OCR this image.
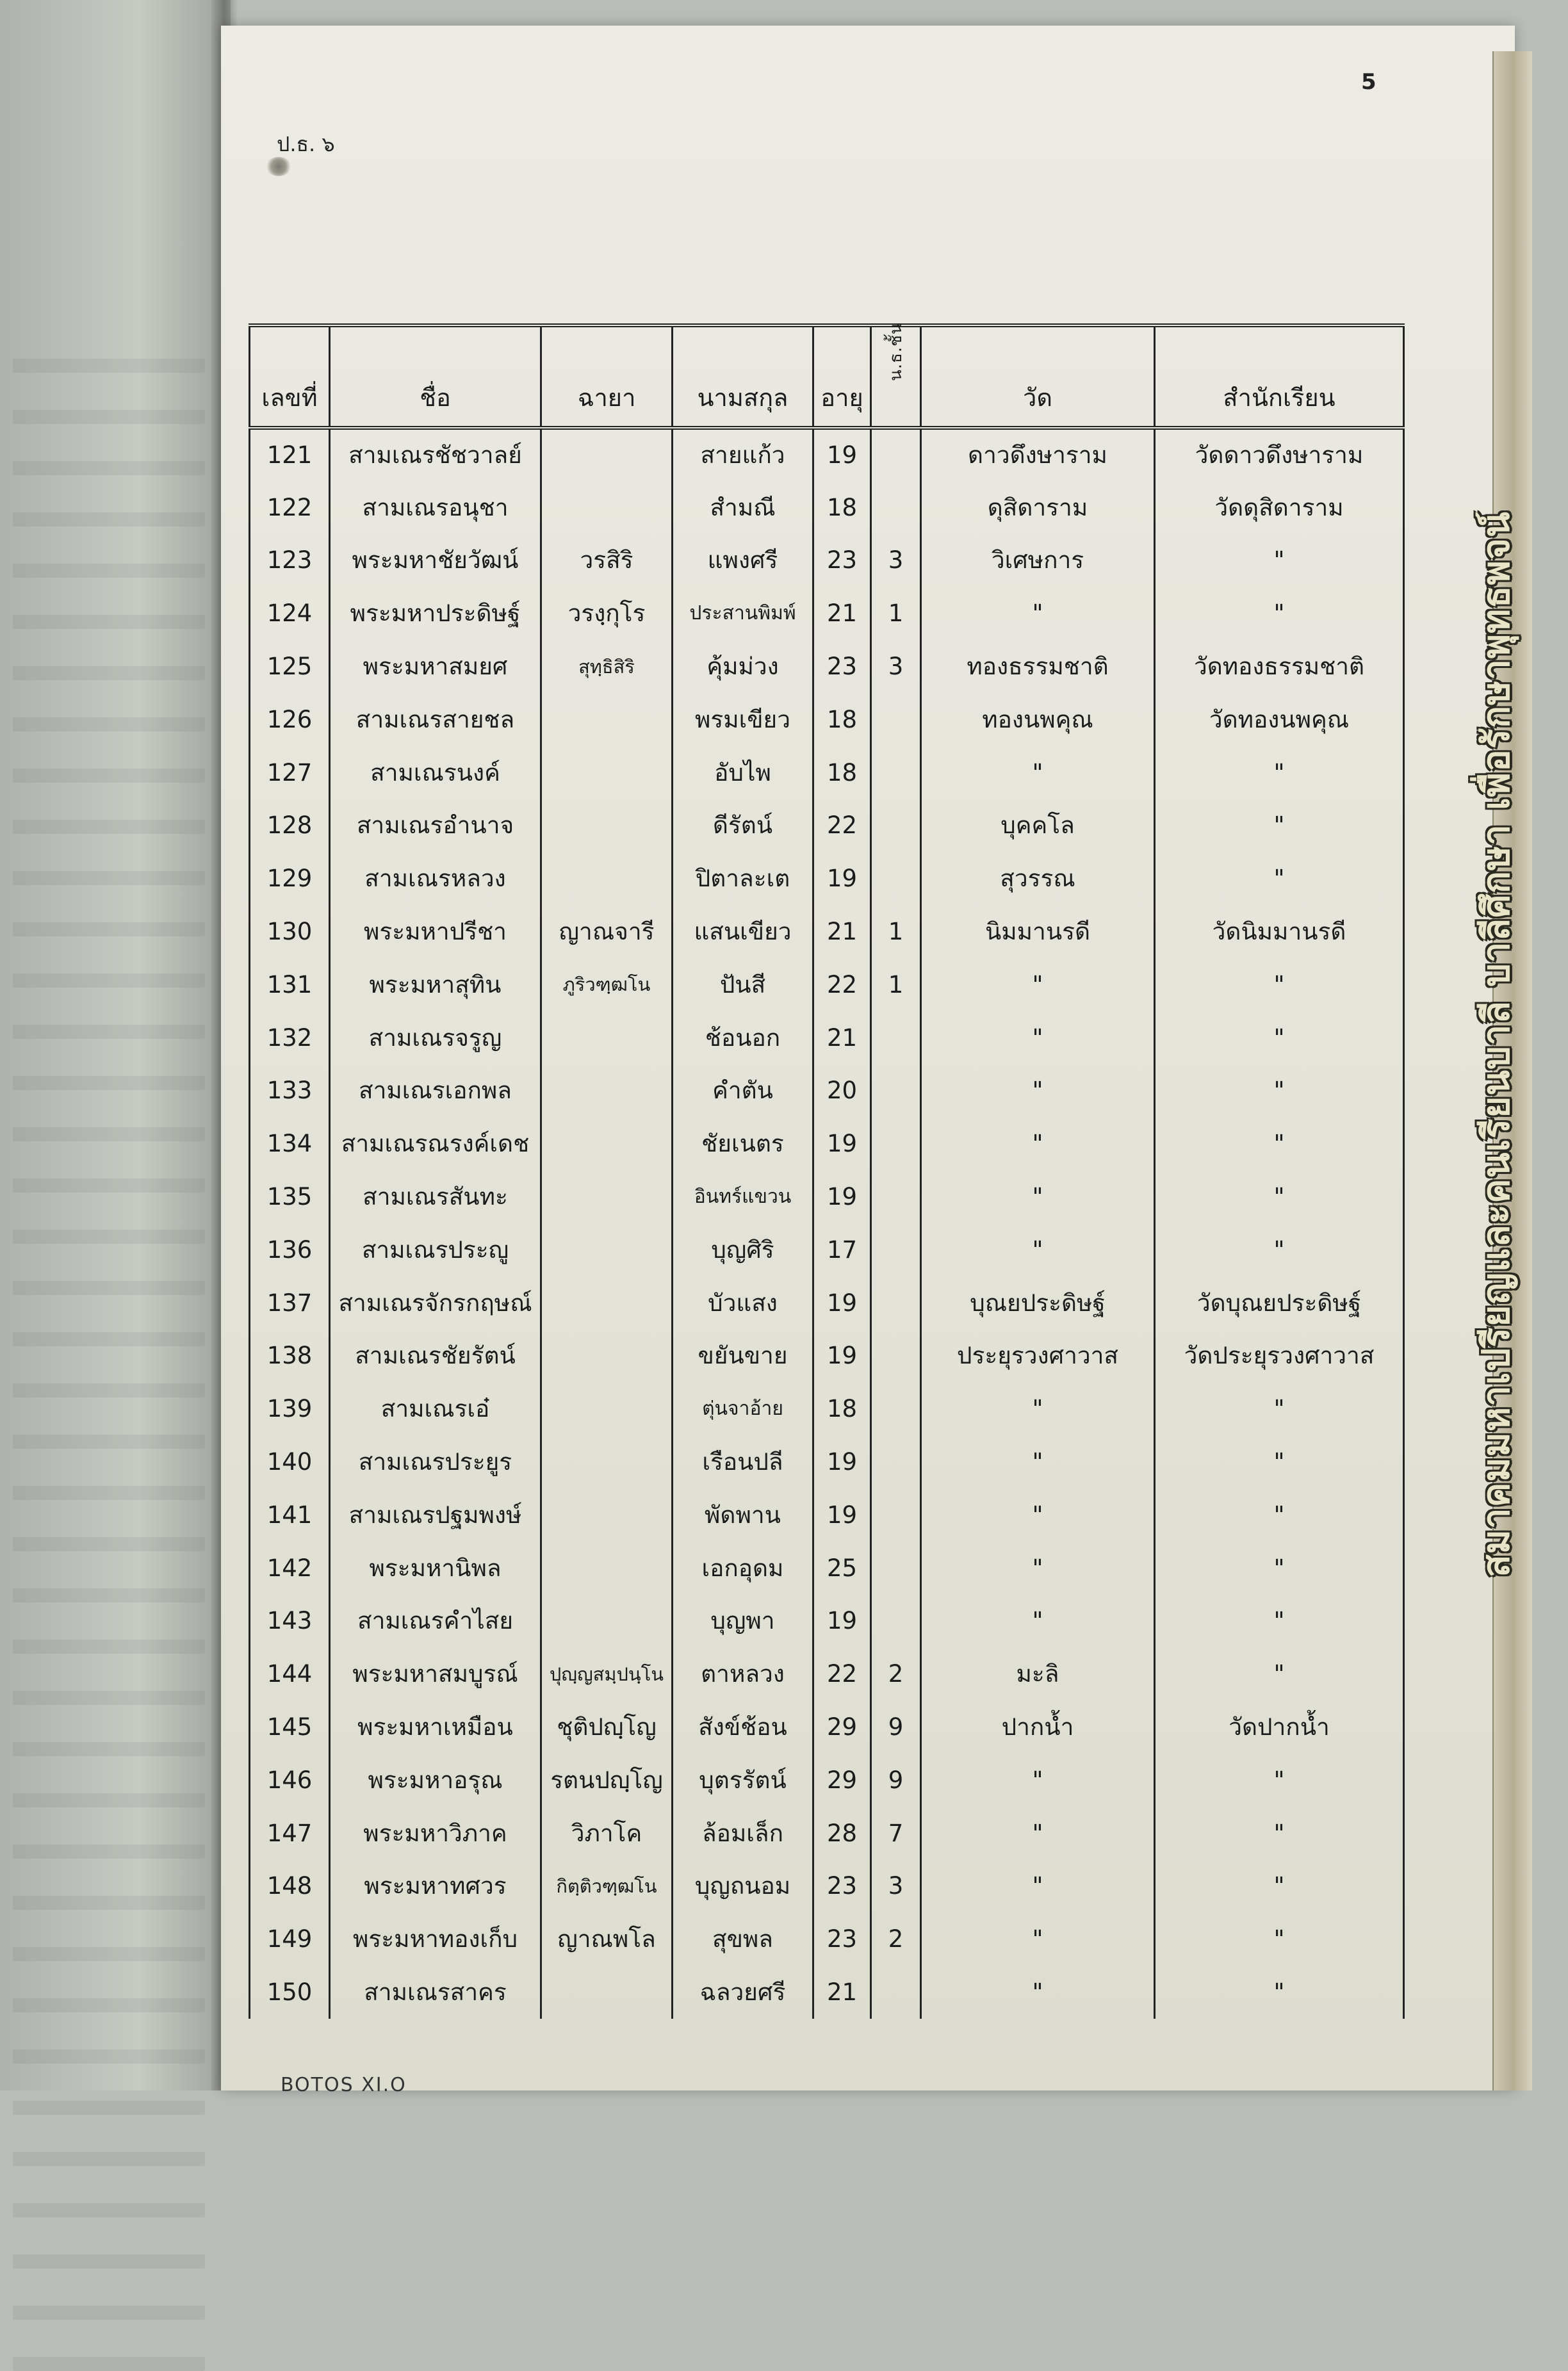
5
ป.ธ. ๖
เลขที่	ชื่อ	ฉายา	นามสกุล	อายุ	น.ธ.ชั้น	วัด	สำนักเรียน
121	สามเณรชัชวาลย์		สายแก้ว	19		ดาวดึงษาราม	วัดดาวดึงษาราม
122	สามเณรอนุชา		สำมณี	18		ดุสิดาราม	วัดดุสิดาราม
123	พระมหาชัยวัฒน์	วรสิริ	แพงศรี	23	3	วิเศษการ	"
124	พระมหาประดิษฐ์	วรงฺกุโร	ประสานพิมพ์	21	1	"	"
125	พระมหาสมยศ	สุทฺธิสิริ	คุ้มม่วง	23	3	ทองธรรมชาติ	วัดทองธรรมชาติ
126	สามเณรสายชล		พรมเขียว	18		ทองนพคุณ	วัดทองนพคุณ
127	สามเณรนงค์		อับไพ	18		"	"
128	สามเณรอำนาจ		ดีรัตน์	22		บุคคโล	"
129	สามเณรหลวง		ปิตาละเต	19		สุวรรณ	"
130	พระมหาปรีชา	ญาณจารี	แสนเขียว	21	1	นิมมานรดี	วัดนิมมานรดี
131	พระมหาสุทิน	ภูริวฑฺฒโน	ปันสี	22	1	"	"
132	สามเณรจรูญ		ช้อนอก	21		"	"
133	สามเณรเอกพล		คำตัน	20		"	"
134	สามเณรณรงค์เดช		ชัยเนตร	19		"	"
135	สามเณรสันทะ		อินทร์แขวน	19		"	"
136	สามเณรประญู		บุญศิริ	17		"	"
137	สามเณรจักรกฤษณ์		บัวแสง	19		บุณยประดิษฐ์	วัดบุณยประดิษฐ์
138	สามเณรชัยรัตน์		ขยันขาย	19		ประยุรวงศาวาส	วัดประยุรวงศาวาส
139	สามเณรเอ๋		ตุ่นจาอ้าย	18		"	"
140	สามเณรประยูร		เรือนปลี	19		"	"
141	สามเณรปฐมพงษ์		พัดพาน	19		"	"
142	พระมหานิพล		เอกอุดม	25		"	"
143	สามเณรคำไสย		บุญพา	19		"	"
144	พระมหาสมบูรณ์	ปุญฺญสมฺปนฺโน	ตาหลวง	22	2	มะลิ	"
145	พระมหาเหมือน	ชุติปญฺโญ	สังข์ช้อน	29	9	ปากน้ำ	วัดปากน้ำ
146	พระมหาอรุณ	รตนปญฺโญ	บุตรรัตน์	29	9	"	"
147	พระมหาวิภาค	วิภาโค	ล้อมเล็ก	28	7	"	"
148	พระมหาทศวร	กิตฺติวฑฺฒโน	บุญถนอม	23	3	"	"
149	พระมหาทองเก็บ	ญาณพโล	สุขพล	23	2	"	"
150	สามเณรสาคร		ฉลวยศรี	21		"	"
สมาคมมหาเปรียญและคนเรียนบาลี บาลีศึกษา เพื่อรักษาพุทธพจน์
BOTOS XI.O
